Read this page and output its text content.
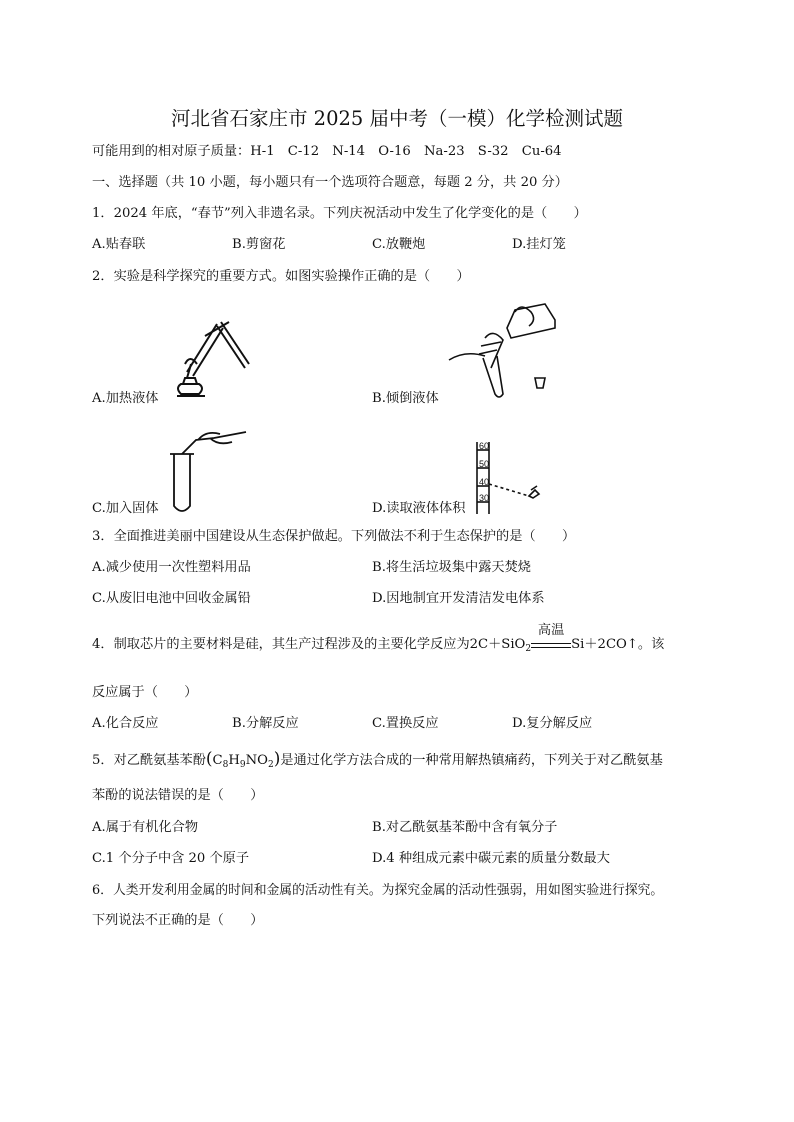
河北省石家庄市 2025 届中考（一模）化学检测试题
可能用到的相对原子质量：H-1　C-12　N-14　O-16　Na-23　S-32　Cu-64
一、选择题（共 10 小题，每小题只有一个选项符合题意，每题 2 分，共 20 分）
1．2024 年底，“春节”列入非遗名录。下列庆祝活动中发生了化学变化的是（　　）
A.贴春联	B.剪窗花	C.放鞭炮	D.挂灯笼
2．实验是科学探究的重要方式。如图实验操作正确的是（　　）
A.加热液体	B.倾倒液体
C.加入固体
60
50
40
30
D.读取液体体积
3．全面推进美丽中国建设从生态保护做起。下列做法不利于生态保护的是（　　）
A.减少使用一次性塑料用品	B.将生活垃圾集中露天焚烧
C.从废旧电池中回收金属铅	D.因地制宜开发清洁发电体系
4．制取芯片的主要材料是硅，其生产过程涉及的主要化学反应为2C＋SiO$_2$
高温
Si＋2CO↑。该
反应属于（　　）
A.化合反应	B.分解反应	C.置换反应	D.复分解反应
5．对乙酰氨基苯酚$(C_8H_9NO_2)$是通过化学方法合成的一种常用解热镇痛药，下列关于对乙酰氨基
苯酚的说法错误的是（　　）
A.属于有机化合物	B.对乙酰氨基苯酚中含有氧分子
C.1 个分子中含 20 个原子	D.4 种组成元素中碳元素的质量分数最大
6．人类开发利用金属的时间和金属的活动性有关。为探究金属的活动性强弱，用如图实验进行探究。
下列说法不正确的是（　　）
